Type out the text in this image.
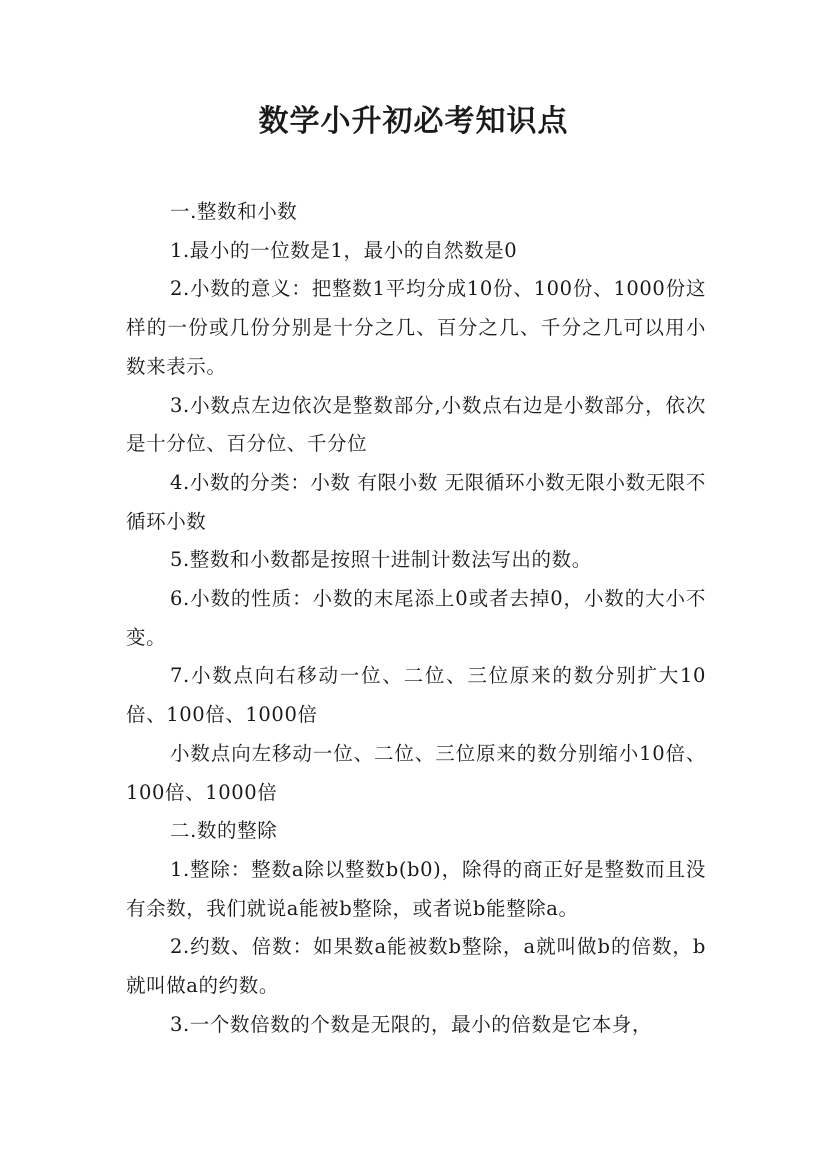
数学小升初必考知识点

一.整数和小数

1.最小的一位数是1，最小的自然数是0

2.小数的意义：把整数1平均分成10份、100份、1000份这样的一份或几份分别是十分之几、百分之几、千分之几可以用小数来表示。

3.小数点左边依次是整数部分,小数点右边是小数部分，依次是十分位、百分位、千分位

4.小数的分类：小数 有限小数 无限循环小数无限小数无限不循环小数

5.整数和小数都是按照十进制计数法写出的数。

6.小数的性质：小数的末尾添上0或者去掉0，小数的大小不变。

7.小数点向右移动一位、二位、三位原来的数分别扩大10倍、100倍、1000倍

小数点向左移动一位、二位、三位原来的数分别缩小10倍、100倍、1000倍

二.数的整除

1.整除：整数a除以整数b(b0)，除得的商正好是整数而且没有余数，我们就说a能被b整除，或者说b能整除a。

2.约数、倍数：如果数a能被数b整除，a就叫做b的倍数，b就叫做a的约数。

3.一个数倍数的个数是无限的，最小的倍数是它本身，
